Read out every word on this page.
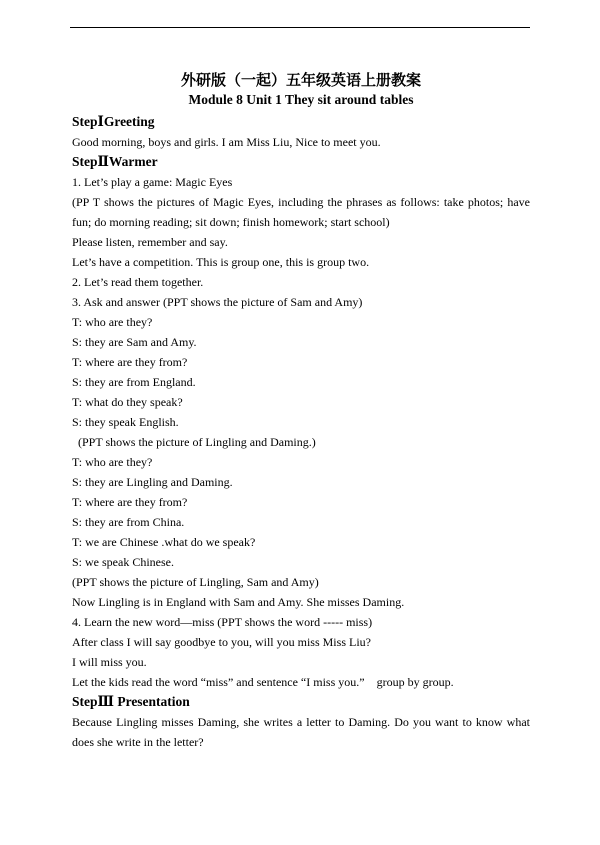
外研版（一起）五年级英语上册教案

Module 8 Unit 1 They sit around tables

StepⅠGreeting

Good morning, boys and girls. I am Miss Liu, Nice to meet you.

StepⅡWarmer

1. Let’s play a game: Magic Eyes

(PP T shows the pictures of Magic Eyes, including the phrases as follows: take photos; have fun; do morning reading; sit down; finish homework; start school)

Please listen, remember and say.

Let’s have a competition. This is group one, this is group two.

2. Let’s read them together.

3. Ask and answer (PPT shows the picture of Sam and Amy)

T: who are they?

S: they are Sam and Amy.

T: where are they from?

S: they are from England.

T: what do they speak?

S: they speak English.

(PPT shows the picture of Lingling and Daming.)

T: who are they?

S: they are Lingling and Daming.

T: where are they from?

S: they are from China.

T: we are Chinese .what do we speak?

S: we speak Chinese.

(PPT shows the picture of Lingling, Sam and Amy)

Now Lingling is in England with Sam and Amy. She misses Daming.

4. Learn the new word—miss (PPT shows the word ----- miss)

After class I will say goodbye to you, will you miss Miss Liu?

I will miss you.

Let the kids read the word “miss” and sentence “I miss you.”    group by group.

StepⅢ Presentation

Because Lingling misses Daming, she writes a letter to Daming. Do you want to know what does she write in the letter?
